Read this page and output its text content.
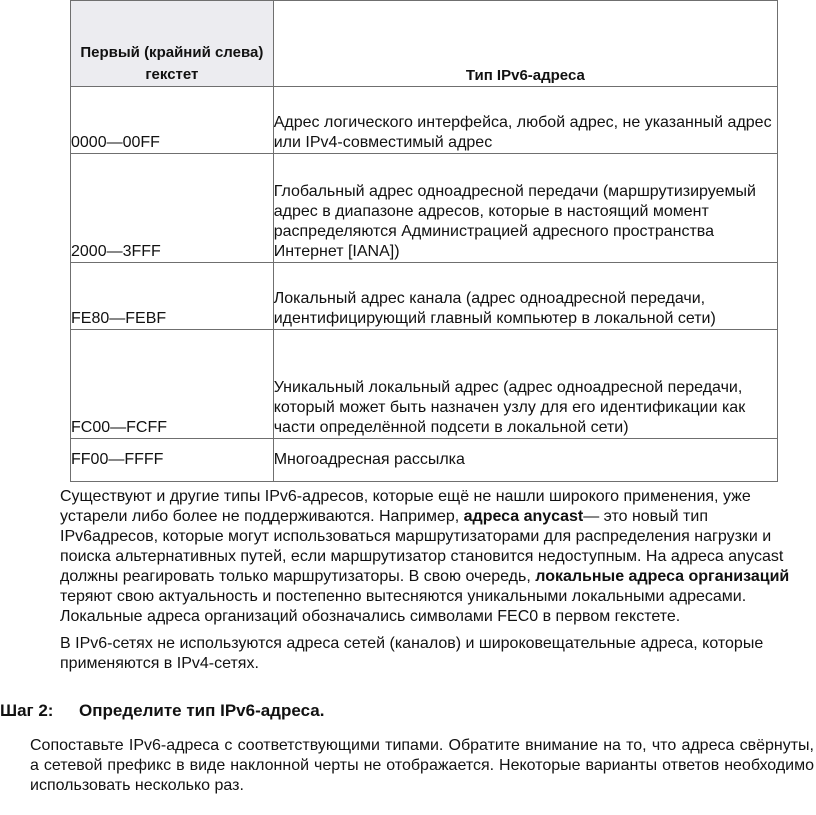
Первый (крайний слева) гекстет	Тип IPv6-адреса
0000—00FF	Адрес логического интерфейса, любой адрес, не указанный адрес или IPv4-совместимый адрес
2000—3FFF	Глобальный адрес одноадресной передачи (маршрутизируемый адрес в диапазоне адресов, которые в настоящий момент распределяются Администрацией адресного пространства Интернет [IANA])
FE80—FEBF	Локальный адрес канала (адрес одноадресной передачи, идентифицирующий главный компьютер в локальной сети)
FC00—FCFF	Уникальный локальный адрес (адрес одноадресной передачи, который может быть назначен узлу для его идентификации как части определённой подсети в локальной сети)
FF00—FFFF	Многоадресная рассылка
Существуют и другие типы IPv6-адресов, которые ещё не нашли широкого применения, уже устарели либо более не поддерживаются. Например, адреса anycast— это новый тип IPv6адресов, которые могут использоваться маршрутизаторами для распределения нагрузки и поиска альтернативных путей, если маршрутизатор становится недоступным. На адреса anycast должны реагировать только маршрутизаторы. В свою очередь, локальные адреса организаций теряют свою актуальность и постепенно вытесняются уникальными локальными адресами. Локальные адреса организаций обозначались символами FEC0 в первом гекстете.
В IPv6-сетях не используются адреса сетей (каналов) и широковещательные адреса, которые применяются в IPv4-сетях.
Шаг 2: Определите тип IPv6-адреса.
Сопоставьте IPv6-адреса с соответствующими типами. Обратите внимание на то, что адреса свёрнуты, а сетевой префикс в виде наклонной черты не отображается. Некоторые варианты ответов необходимо использовать несколько раз.
